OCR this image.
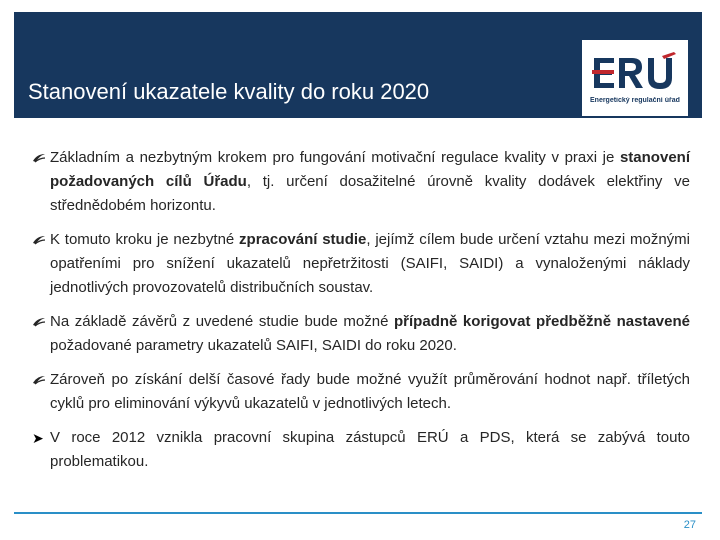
Stanovení ukazatele kvality do roku 2020	Energetický regulační úřad
Základním a nezbytným krokem pro fungování motivační regulace kvality v praxi je stanovení požadovaných cílů Úřadu, tj. určení dosažitelné úrovně kvality dodávek elektřiny ve střednědobém horizontu.
K tomuto kroku je nezbytné zpracování studie, jejímž cílem bude určení vztahu mezi možnými opatřeními pro snížení ukazatelů nepřetržitosti (SAIFI, SAIDI) a vynaloženými náklady jednotlivých provozovatelů distribučních soustav.
Na základě závěrů z uvedené studie bude možné případně korigovat předběžně nastavené požadované parametry ukazatelů SAIFI, SAIDI do roku 2020.
Zároveň po získání delší časové řady bude možné využít průměrování hodnot např. tříletých cyklů pro eliminování výkyvů ukazatelů v jednotlivých letech.
➤ V roce 2012 vznikla pracovní skupina zástupců ERÚ a PDS, která se zabývá touto problematikou.
27
